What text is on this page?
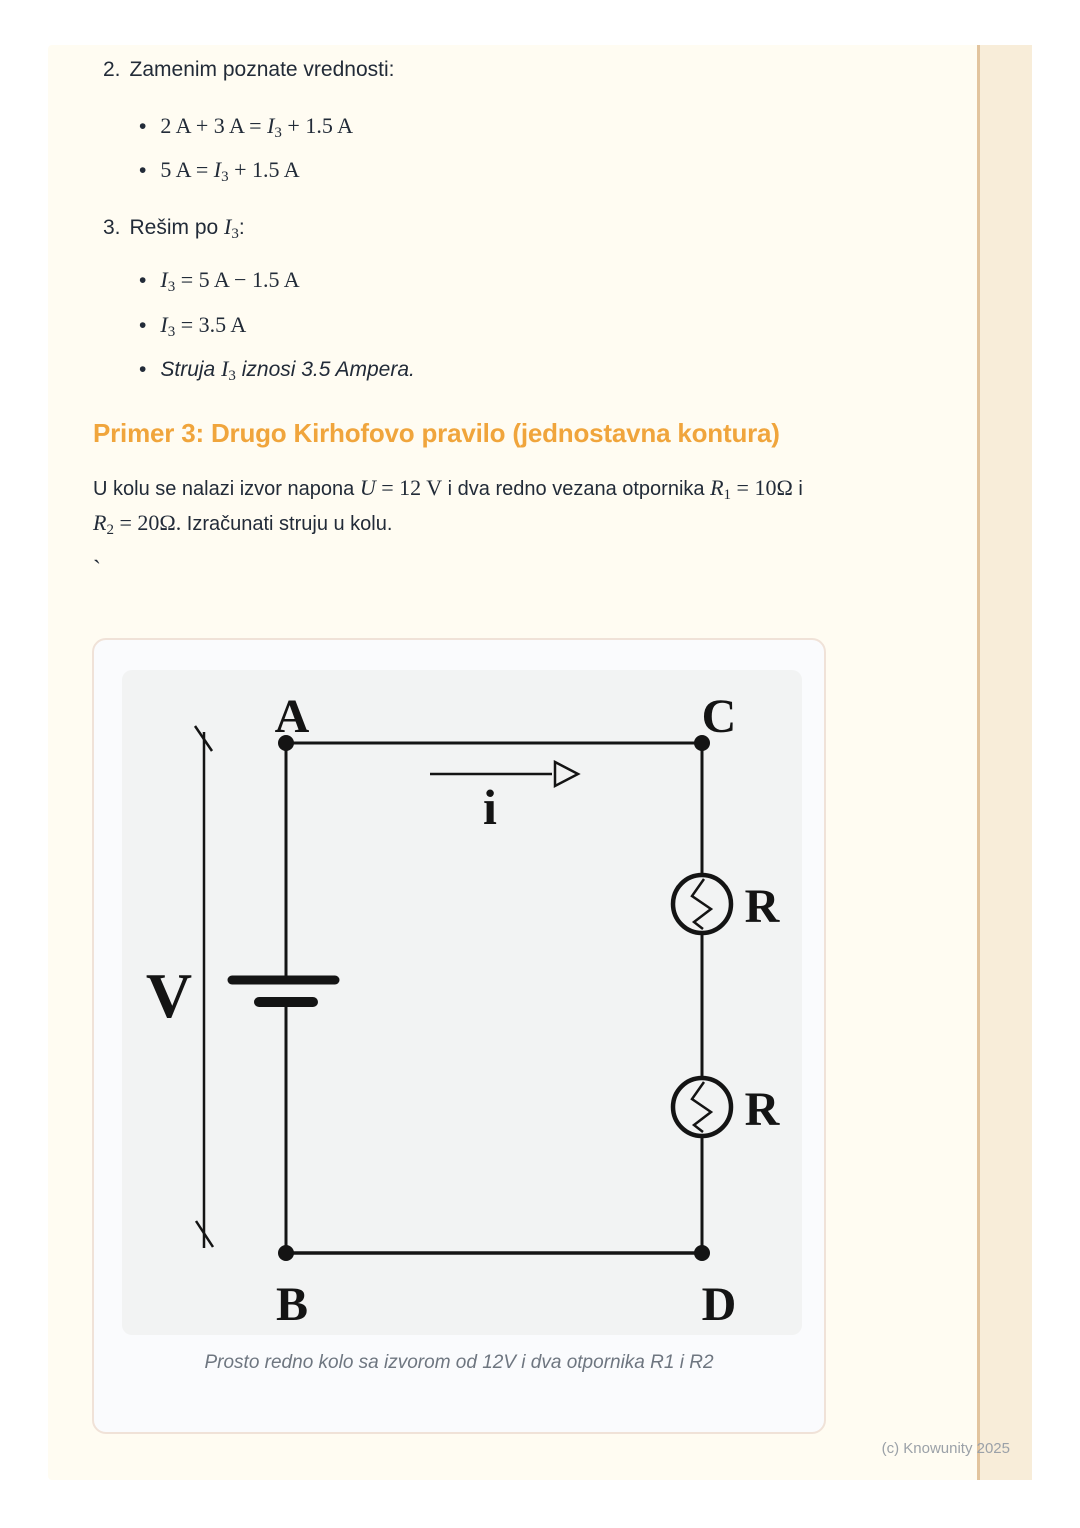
2. Zamenim poznate vrednosti:
• 2 A + 3 A = I3 + 1.5 A
• 5 A = I3 + 1.5 A
3. Rešim po I3:
• I3 = 5 A − 1.5 A
• I3 = 3.5 A
• Struja I3 iznosi 3.5 Ampera.
Primer 3: Drugo Kirhofovo pravilo (jednostavna kontura)
U kolu se nalazi izvor napona U = 12 V i dva redno vezana otpornika R1 = 10Ω i
R2 = 20Ω. Izračunati struju u kolu.
`
A	C
B	D
V
R
R
i
Prosto redno kolo sa izvorom od 12V i dva otpornika R1 i R2
(c) Knowunity 2025
